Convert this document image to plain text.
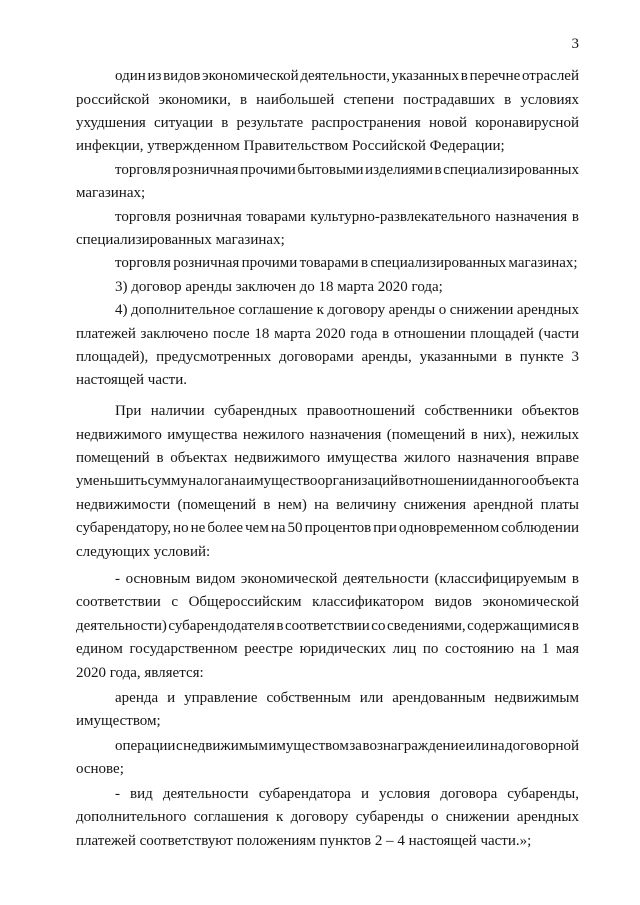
3
один из видов экономической деятельности, указанных в перечне отраслей
российской экономики, в наибольшей степени пострадавших в условиях
ухудшения ситуации в результате распространения новой коронавирусной
инфекции, утвержденном Правительством Российской Федерации;
торговля розничная прочими бытовыми изделиями в специализированных
магазинах;
торговля розничная товарами культурно-развлекательного назначения в
специализированных магазинах;
торговля розничная прочими товарами в специализированных магазинах;
3) договор аренды заключен до 18 марта 2020 года;
4) дополнительное соглашение к договору аренды о снижении арендных
платежей заключено после 18 марта 2020 года в отношении площадей (части
площадей), предусмотренных договорами аренды, указанными в пункте 3
настоящей части.
При наличии субарендных правоотношений собственники объектов
недвижимого имущества нежилого назначения (помещений в них), нежилых
помещений в объектах недвижимого имущества жилого назначения вправе
уменьшить сумму налога на имущество организаций в отношении данного объекта
недвижимости (помещений в нем) на величину снижения арендной платы
субарендатору, но не более чем на 50 процентов при одновременном соблюдении
следующих условий:
- основным видом экономической деятельности (классифицируемым в
соответствии с Общероссийским классификатором видов экономической
деятельности) субарендодателя в соответствии со сведениями, содержащимися в
едином государственном реестре юридических лиц по состоянию на 1 мая
2020 года, является:
аренда и управление собственным или арендованным недвижимым
имуществом;
операции с недвижимым имуществом за вознаграждение или на договорной
основе;
- вид деятельности субарендатора и условия договора субаренды,
дополнительного соглашения к договору субаренды о снижении арендных
платежей соответствуют положениям пунктов 2 – 4 настоящей части.»;
